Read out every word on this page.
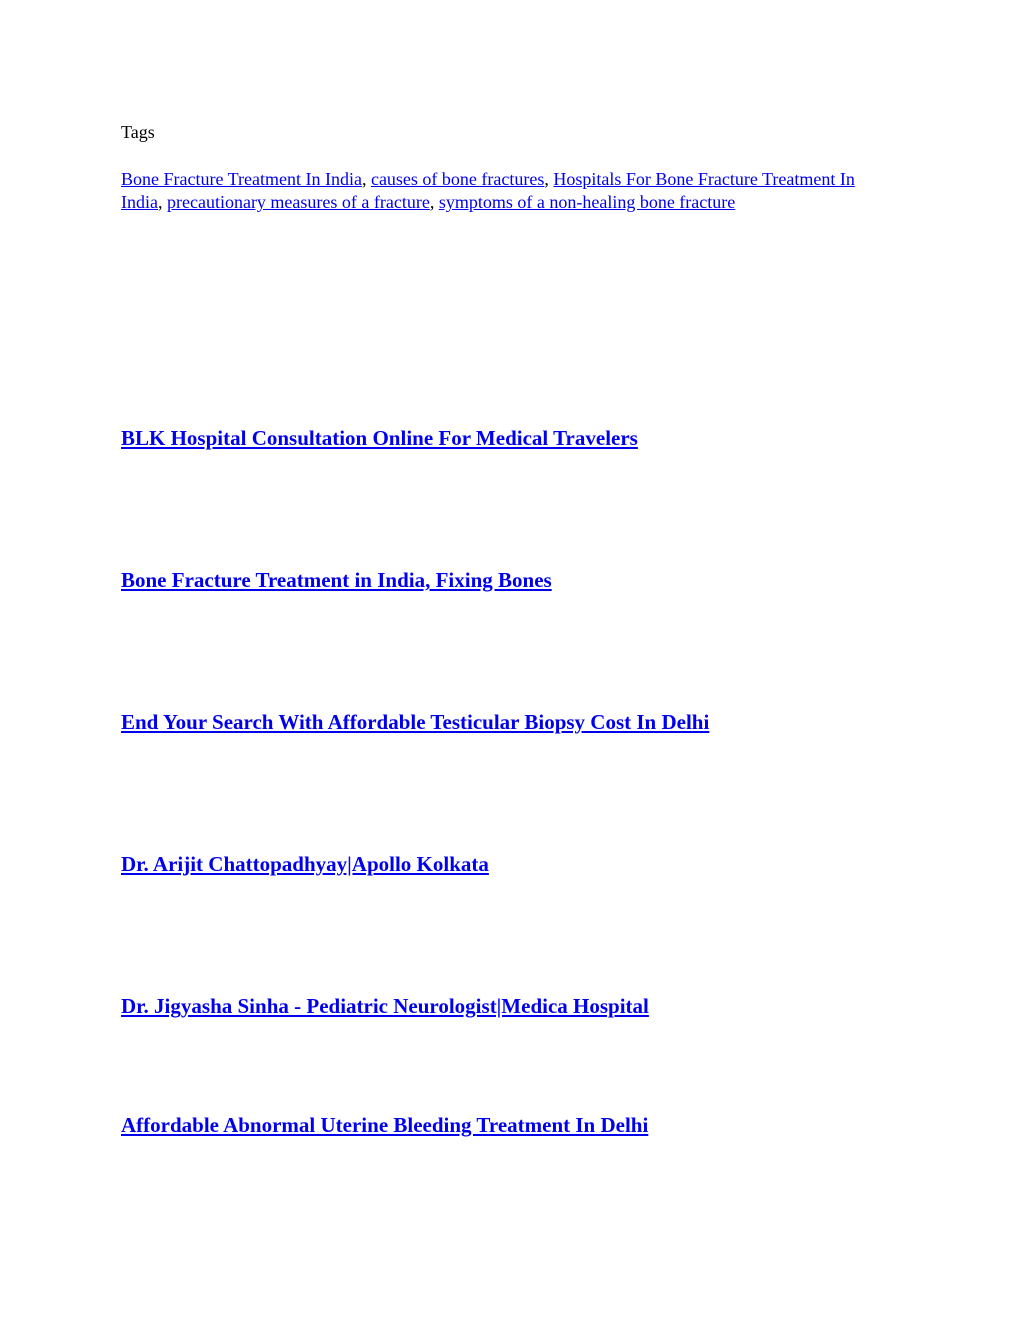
Tags

Bone Fracture Treatment In India, causes of bone fractures, Hospitals For Bone Fracture Treatment In India, precautionary measures of a fracture, symptoms of a non-healing bone fracture

BLK Hospital Consultation Online For Medical Travelers
Bone Fracture Treatment in India, Fixing Bones
End Your Search With Affordable Testicular Biopsy Cost In Delhi
Dr. Arijit Chattopadhyay|Apollo Kolkata
Dr. Jigyasha Sinha - Pediatric Neurologist|Medica Hospital
Affordable Abnormal Uterine Bleeding Treatment In Delhi
